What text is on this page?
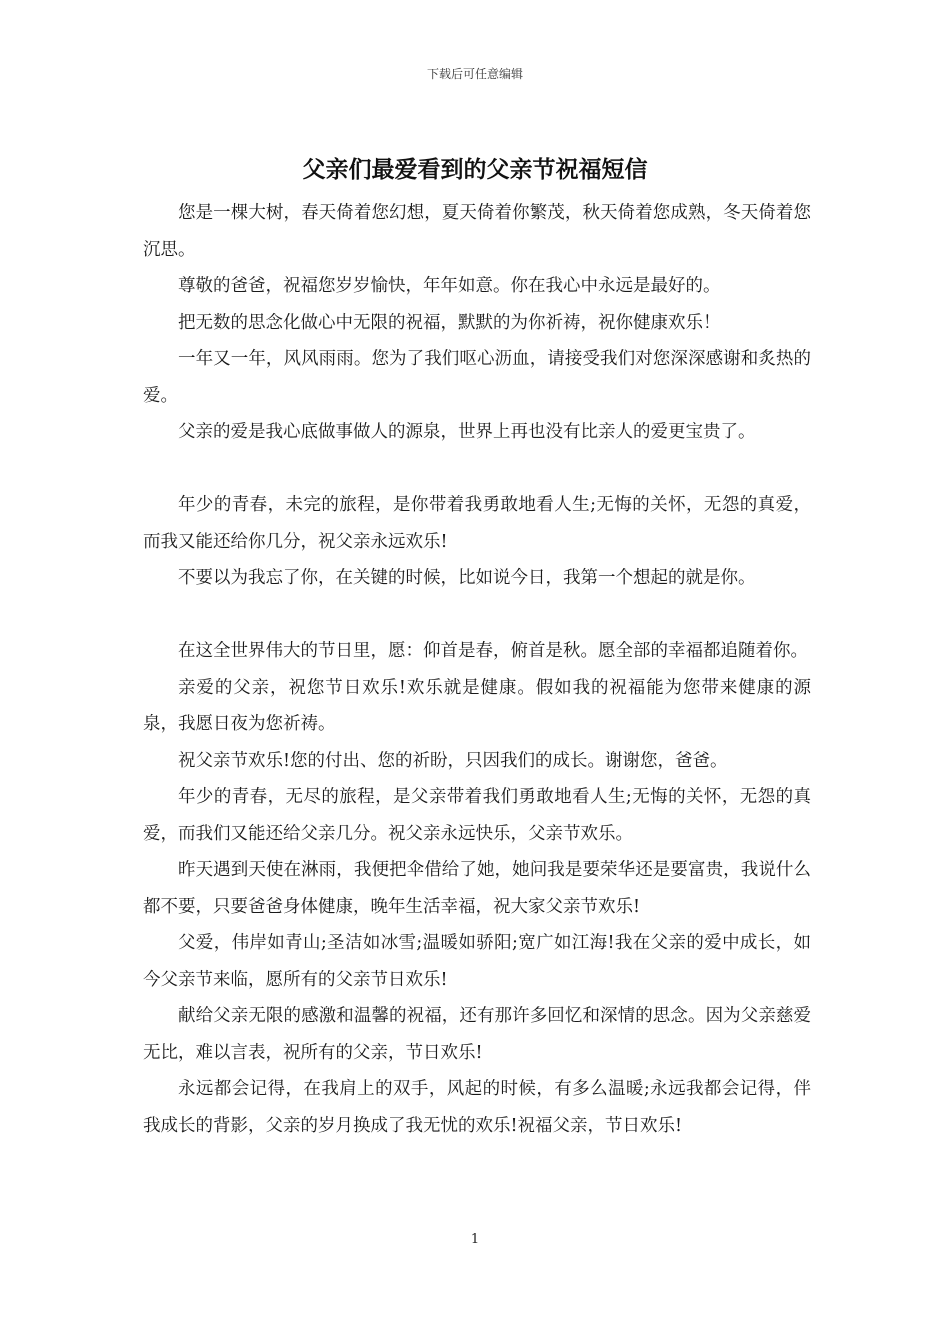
下载后可任意编辑
父亲们最爱看到的父亲节祝福短信

您是一棵大树，春天倚着您幻想，夏天倚着你繁茂，秋天倚着您成熟，冬天倚着您沉思。

尊敬的爸爸，祝福您岁岁愉快，年年如意。你在我心中永远是最好的。

把无数的思念化做心中无限的祝福，默默的为你祈祷，祝你健康欢乐！

一年又一年，风风雨雨。您为了我们呕心沥血，请接受我们对您深深感谢和炙热的爱。

父亲的爱是我心底做事做人的源泉，世界上再也没有比亲人的爱更宝贵了。

年少的青春，未完的旅程，是你带着我勇敢地看人生;无悔的关怀，无怨的真爱，而我又能还给你几分，祝父亲永远欢乐!

不要以为我忘了你，在关键的时候，比如说今日，我第一个想起的就是你。

在这全世界伟大的节日里，愿：仰首是春，俯首是秋。愿全部的幸福都追随着你。

亲爱的父亲，祝您节日欢乐!欢乐就是健康。假如我的祝福能为您带来健康的源泉，我愿日夜为您祈祷。

祝父亲节欢乐!您的付出、您的祈盼，只因我们的成长。谢谢您，爸爸。

年少的青春，无尽的旅程，是父亲带着我们勇敢地看人生;无悔的关怀，无怨的真爱，而我们又能还给父亲几分。祝父亲永远快乐，父亲节欢乐。

昨天遇到天使在淋雨，我便把伞借给了她，她问我是要荣华还是要富贵，我说什么都不要，只要爸爸身体健康，晚年生活幸福，祝大家父亲节欢乐!

父爱，伟岸如青山;圣洁如冰雪;温暖如骄阳;宽广如江海!我在父亲的爱中成长，如今父亲节来临，愿所有的父亲节日欢乐!

献给父亲无限的感激和温馨的祝福，还有那许多回忆和深情的思念。因为父亲慈爱无比，难以言表，祝所有的父亲，节日欢乐!

永远都会记得，在我肩上的双手，风起的时候，有多么温暖;永远我都会记得，伴我成长的背影，父亲的岁月换成了我无忧的欢乐!祝福父亲，节日欢乐!

1
